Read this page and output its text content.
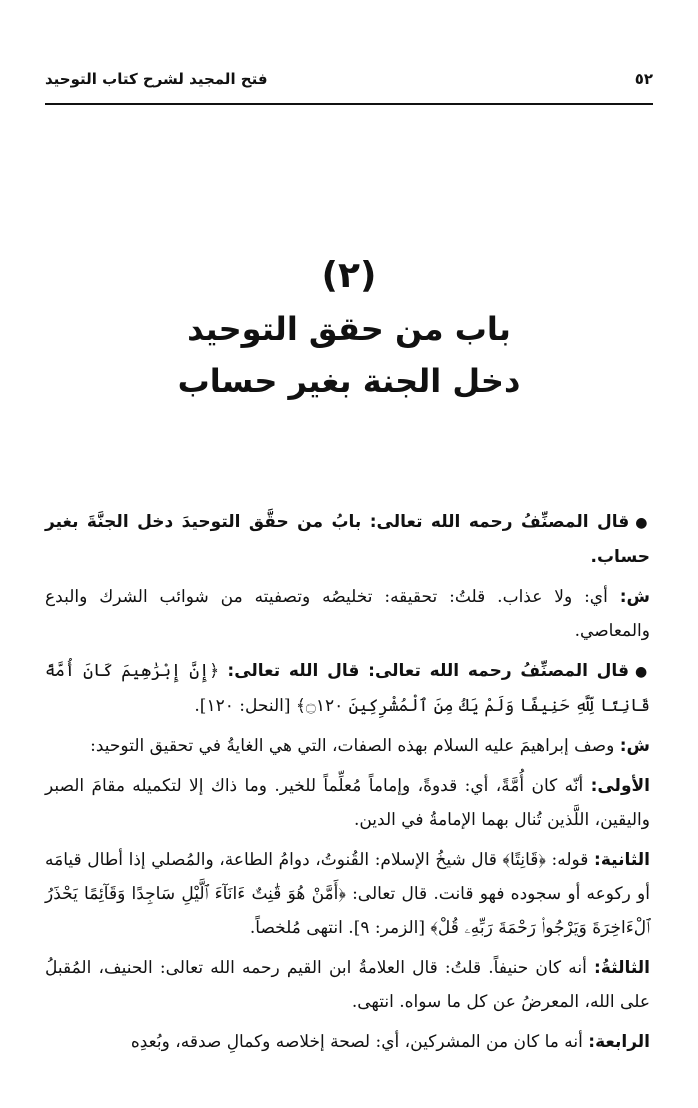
٥٢
فتح المجيد لشرح كتاب التوحيد
(٢)
باب من حقق التوحيد
دخل الجنة بغير حساب

●قال المصنِّفُ رحمه الله تعالى: بابُ من حقَّق التوحيدَ دخل الجنَّةَ بغير حساب.

ش: أي: ولا عذاب. قلتُ: تحقيقه: تخليصُه وتصفيته من شوائب الشرك والبدع والمعاصي.

●قال المصنِّفُ رحمه الله تعالى: قال الله تعالى: ﴿إِنَّ إِبْرَٰهِيمَ كَانَ أُمَّةً قَانِتًا لِّلَّهِ حَنِيفًا وَلَمْ يَكُ مِنَ ٱلْمُشْرِكِينَ ۝١٢٠﴾ [النحل: ١٢٠].

ش: وصف إبراهيمَ عليه السلام بهذه الصفات، التي هي الغايةُ في تحقيق التوحيد:

الأولى: أنّه كان أُمَّةً، أي: قدوةً، وإماماً مُعلِّماً للخير. وما ذاك إلا لتكميله مقامَ الصبر واليقين، اللَّذين تُنال بهما الإمامةُ في الدين.

الثانية: قوله: ﴿قَانِتًا﴾ قال شيخُ الإسلام: القُنوتُ، دوامُ الطاعة، والمُصلي إذا أطال قيامَه أو ركوعه أو سجوده فهو قانت. قال تعالى: ﴿أَمَّنْ هُوَ قَٰنِتٌ ءَانَآءَ ٱلَّيْلِ سَاجِدًا وَقَآئِمًا يَحْذَرُ ٱلْءَاخِرَةَ وَيَرْجُوا۟ رَحْمَةَ رَبِّهِۦ قُلْ﴾ [الزمر: ٩]. انتهى مُلخصاً.

الثالثةُ: أنه كان حنيفاً. قلتُ: قال العلامةُ ابن القيم رحمه الله تعالى: الحنيف، المُقبلُ على الله، المعرضُ عن كل ما سواه. انتهى.

الرابعة: أنه ما كان من المشركين، أي: لصحة إخلاصه وكمالِ صدقه، وبُعدِه
